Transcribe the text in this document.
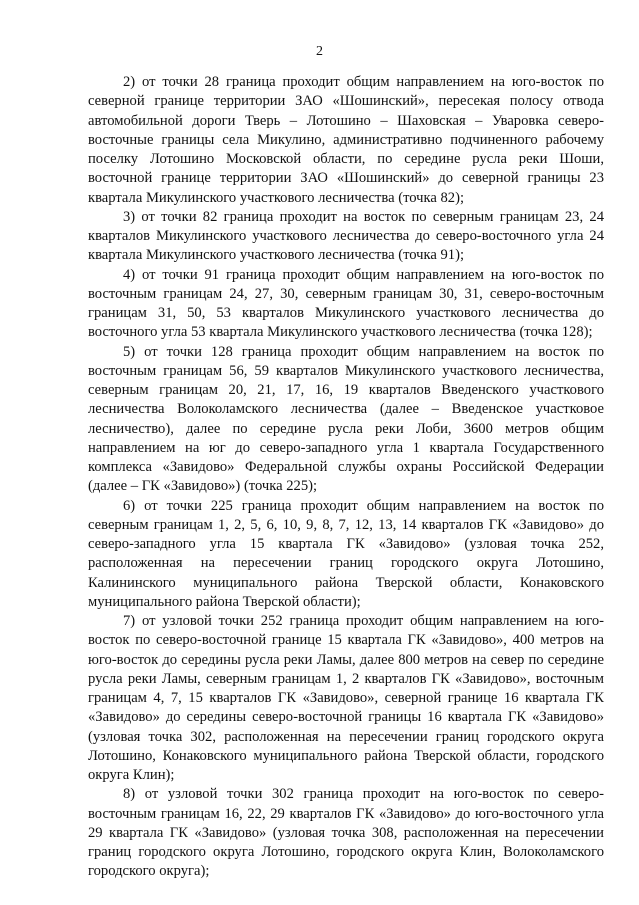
2

2) от точки 28 граница проходит общим направлением на юго-восток по северной границе территории ЗАО «Шошинский», пересекая полосу отвода автомобильной дороги Тверь – Лотошино – Шаховская – Уваровка северо-восточные границы села Микулино, административно подчиненного рабочему поселку Лотошино Московской области, по середине русла реки Шоши, восточной границе территории ЗАО «Шошинский» до северной границы 23 квартала Микулинского участкового лесничества (точка 82);

3) от точки 82 граница проходит на восток по северным границам 23, 24 кварталов Микулинского участкового лесничества до северо-восточного угла 24 квартала Микулинского участкового лесничества (точка 91);

4) от точки 91 граница проходит общим направлением на юго-восток по восточным границам 24, 27, 30, северным границам 30, 31, северо-восточным границам 31, 50, 53 кварталов Микулинского участкового лесничества до восточного угла 53 квартала Микулинского участкового лесничества (точка 128);

5) от точки 128 граница проходит общим направлением на восток по восточным границам 56, 59 кварталов Микулинского участкового лесничества, северным границам 20, 21, 17, 16, 19 кварталов Введенского участкового лесничества Волоколамского лесничества (далее – Введенское участковое лесничество), далее по середине русла реки Лоби, 3600 метров общим направлением на юг до северо-западного угла 1 квартала Государственного комплекса «Завидово» Федеральной службы охраны Российской Федерации (далее – ГК «Завидово») (точка 225);

6) от точки 225 граница проходит общим направлением на восток по северным границам 1, 2, 5, 6, 10, 9, 8, 7, 12, 13, 14 кварталов ГК «Завидово» до северо-западного угла 15 квартала ГК «Завидово» (узловая точка 252, расположенная на пересечении границ городского округа Лотошино, Калининского муниципального района Тверской области, Конаковского муниципального района Тверской области);

7) от узловой точки 252 граница проходит общим направлением на юго-восток по северо-восточной границе 15 квартала ГК «Завидово», 400 метров на юго-восток до середины русла реки Ламы, далее 800 метров на север по середине русла реки Ламы, северным границам 1, 2 кварталов ГК «Завидово», восточным границам 4, 7, 15 кварталов ГК «Завидово», северной границе 16 квартала ГК «Завидово» до середины северо-восточной границы 16 квартала ГК «Завидово» (узловая точка 302, расположенная на пересечении границ городского округа Лотошино, Конаковского муниципального района Тверской области, городского округа Клин);

8) от узловой точки 302 граница проходит на юго-восток по северо-восточным границам 16, 22, 29 кварталов ГК «Завидово» до юго-восточного угла 29 квартала ГК «Завидово» (узловая точка 308, расположенная на пересечении границ городского округа Лотошино, городского округа Клин, Волоколамского городского округа);
